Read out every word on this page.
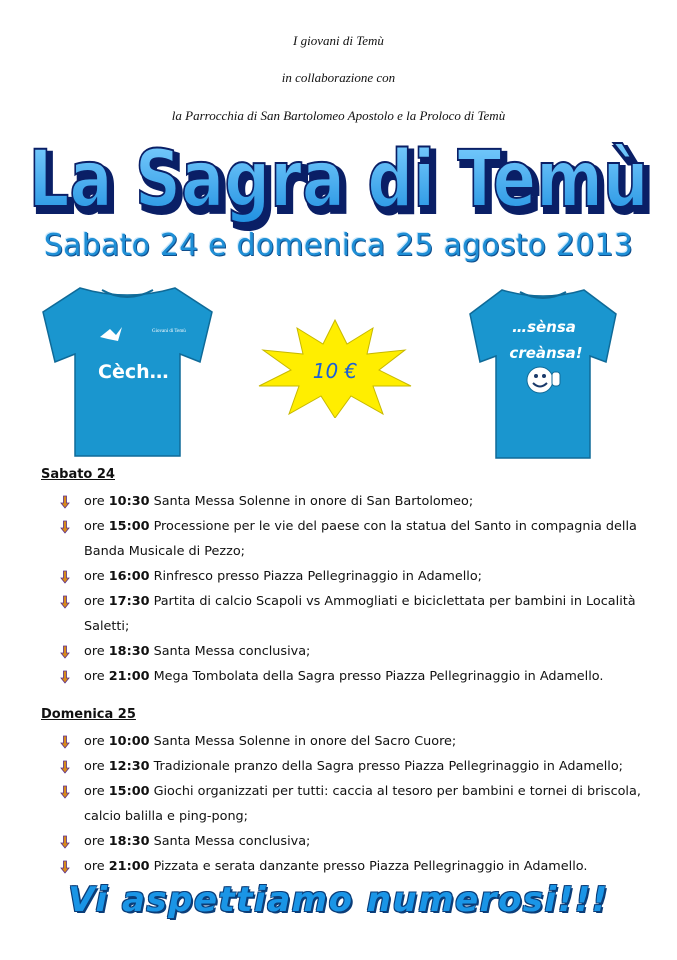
I giovani di Temù
in collaborazione con
la Parrocchia di San Bartolomeo Apostolo e la Proloco di Temù
La Sagra di Temù
La Sagra di Temù
Sabato 24 e domenica 25 agosto 2013
Giovani di Temù
Cèch…	10 €
…sènsa
creànsa!
Sabato 24
ore 10:30 Santa Messa Solenne in onore di San Bartolomeo;
ore 15:00 Processione per le vie del paese con la statua del Santo in compagnia della Banda Musicale di Pezzo;
ore 16:00 Rinfresco presso Piazza Pellegrinaggio in Adamello;
ore 17:30 Partita di calcio Scapoli vs Ammogliati e biciclettata per bambini in Località Saletti;
ore 18:30 Santa Messa conclusiva;
ore 21:00 Mega Tombolata della Sagra presso Piazza Pellegrinaggio in Adamello.
Domenica 25
ore 10:00 Santa Messa Solenne in onore del Sacro Cuore;
ore 12:30 Tradizionale pranzo della Sagra presso Piazza Pellegrinaggio in Adamello;
ore 15:00 Giochi organizzati per tutti: caccia al tesoro per bambini e tornei di briscola, calcio balilla e ping-pong;
ore 18:30 Santa Messa conclusiva;
ore 21:00 Pizzata e serata danzante presso Piazza Pellegrinaggio in Adamello.
Vi aspettiamo numerosi!!!
